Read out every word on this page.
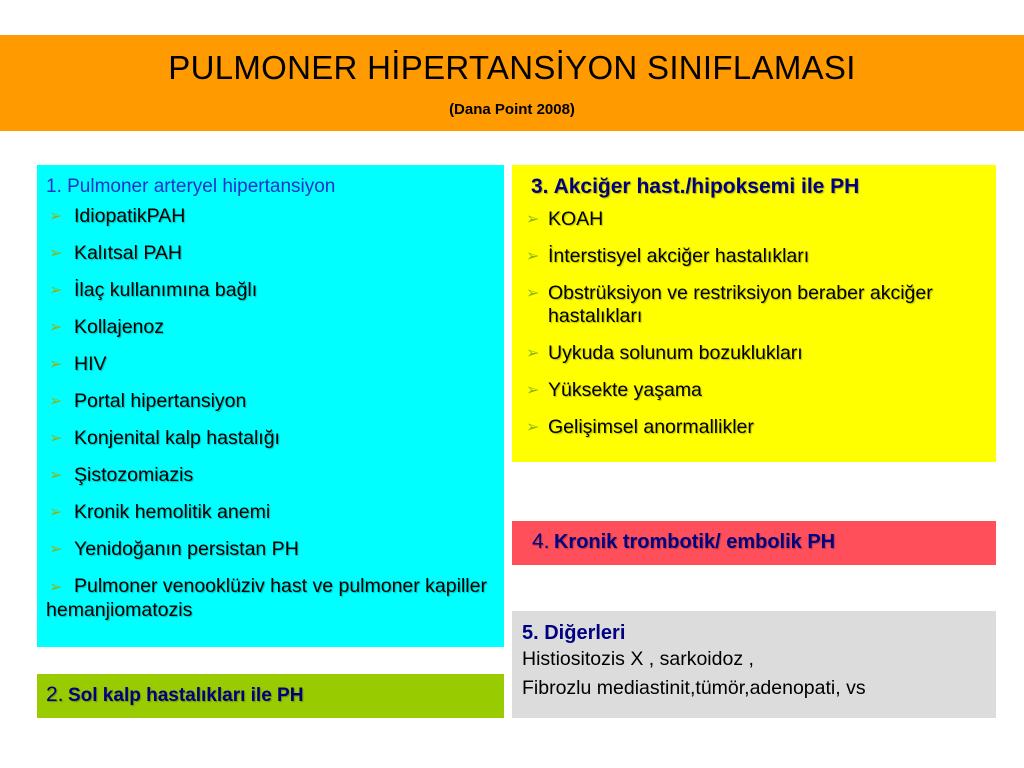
PULMONER HİPERTANSİYON SINIFLAMASI
(Dana Point 2008)
1. Pulmoner arteryel hipertansiyon
➢ IdiopatikPAH
➢ Kalıtsal PAH
➢ İlaç kullanımına bağlı
➢ Kollajenoz
➢ HIV
➢ Portal hipertansiyon
➢ Konjenital kalp hastalığı
➢ Şistozomiazis
➢ Kronik hemolitik anemi
➢ Yenidoğanın persistan PH
➢ Pulmoner venooklüziv hast ve pulmoner kapiller hemanjiomatozis
3. Akciğer hast./hipoksemi ile PH
➢ KOAH
➢ İnterstisyel akciğer hastalıkları
➢ Obstrüksiyon ve restriksiyon beraber akciğer hastalıkları
➢ Uykuda solunum bozuklukları
➢ Yüksekte yaşama
➢ Gelişimsel anormallikler
4. Kronik trombotik/ embolik PH
5. Diğerleri
Histiositozis X , sarkoidoz ,
Fibrozlu mediastinit,tümör,adenopati, vs
2. Sol kalp hastalıkları ile PH
